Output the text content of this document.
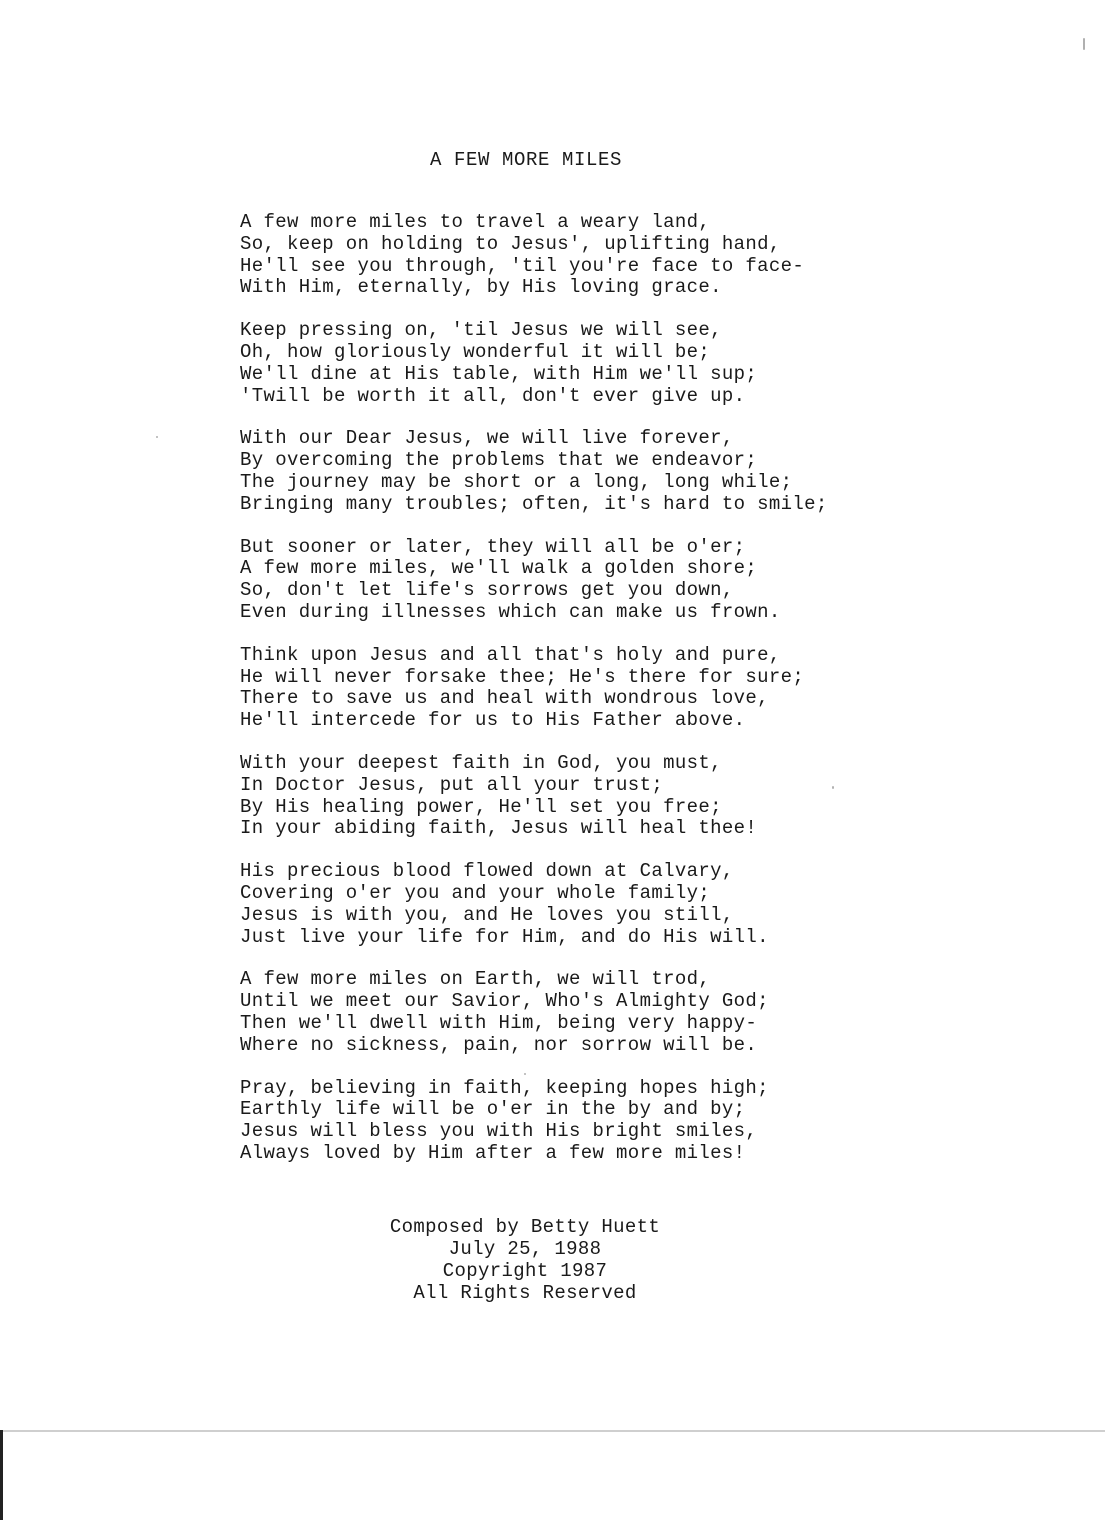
A FEW MORE MILES
A few more miles to travel a weary land,
So, keep on holding to Jesus', uplifting hand,
He'll see you through, 'til you're face to face-
With Him, eternally, by His loving grace.
Keep pressing on, 'til Jesus we will see,
Oh, how gloriously wonderful it will be;
We'll dine at His table, with Him we'll sup;
'Twill be worth it all, don't ever give up.
With our Dear Jesus, we will live forever,
By overcoming the problems that we endeavor;
The journey may be short or a long, long while;
Bringing many troubles; often, it's hard to smile;
But sooner or later, they will all be o'er;
A few more miles, we'll walk a golden shore;
So, don't let life's sorrows get you down,
Even during illnesses which can make us frown.
Think upon Jesus and all that's holy and pure,
He will never forsake thee; He's there for sure;
There to save us and heal with wondrous love,
He'll intercede for us to His Father above.
With your deepest faith in God, you must,
In Doctor Jesus, put all your trust;
By His healing power, He'll set you free;
In your abiding faith, Jesus will heal thee!
His precious blood flowed down at Calvary,
Covering o'er you and your whole family;
Jesus is with you, and He loves you still,
Just live your life for Him, and do His will.
A few more miles on Earth, we will trod,
Until we meet our Savior, Who's Almighty God;
Then we'll dwell with Him, being very happy-
Where no sickness, pain, nor sorrow will be.
Pray, believing in faith, keeping hopes high;
Earthly life will be o'er in the by and by;
Jesus will bless you with His bright smiles,
Always loved by Him after a few more miles!
Composed by Betty Huett
July 25, 1988
Copyright 1987
All Rights Reserved
